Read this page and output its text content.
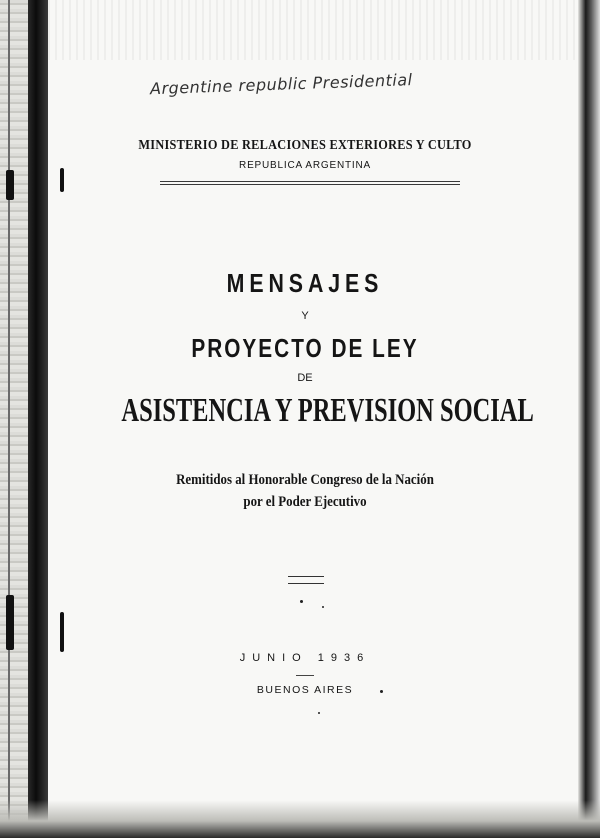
Argentine republic Presidential
MINISTERIO DE RELACIONES EXTERIORES Y CULTO
REPUBLICA ARGENTINA
MENSAJES
Y
PROYECTO DE LEY
DE
ASISTENCIA Y PREVISION SOCIAL
Remitidos al Honorable Congreso de la Nación
por el Poder Ejecutivo
JUNIO 1936
BUENOS AIRES
